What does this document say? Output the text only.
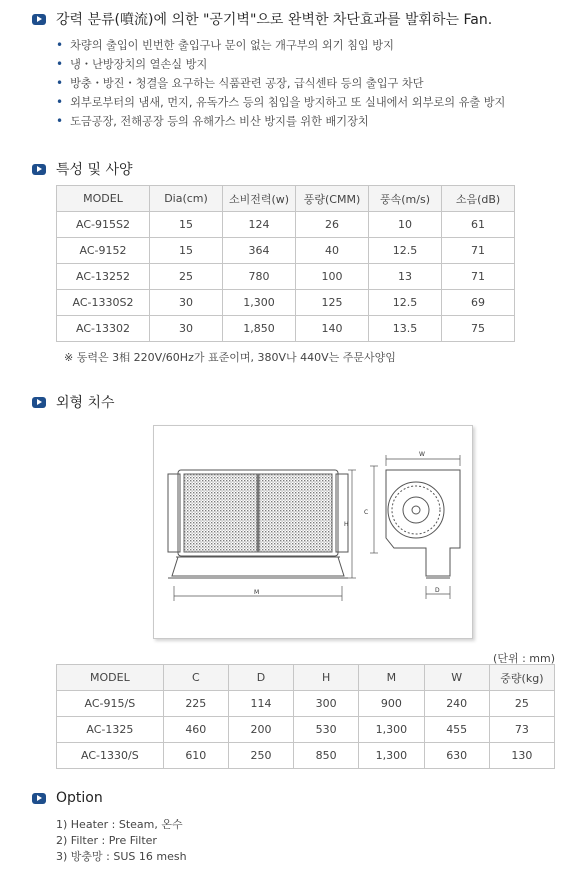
강력 분류(噴流)에 의한 "공기벽"으로 완벽한 차단효과를 발휘하는 Fan.
• 차량의 출입이 빈번한 출입구나 문이 없는 개구부의 외기 침입 방지
• 냉・난방장치의 열손실 방지
• 방충・방진・청결을 요구하는 식품관련 공장, 급식센타 등의 출입구 차단
• 외부로부터의 냄새, 먼지, 유독가스 등의 침입을 방지하고 또 실내에서 외부로의 유출 방지
• 도금공장, 전해공장 등의 유해가스 비산 방지를 위한 배기장치
특성 및 사양
MODEL	Dia(cm)	소비전력(w)	풍량(CMM)	풍속(m/s)	소음(dB)
AC-915S2	15	124	26	10	61
AC-9152	15	364	40	12.5	71
AC-13252	25	780	100	13	71
AC-1330S2	30	1,300	125	12.5	69
AC-13302	30	1,850	140	13.5	75
※ 동력은 3相 220V/60Hz가 표준이며, 380V나 440V는 주문사양임
외형 치수
M
H
C
W
D
(단위 : mm)
MODEL	C	D	H	M	W	중량(kg)
AC-915/S	225	114	300	900	240	25
AC-1325	460	200	530	1,300	455	73
AC-1330/S	610	250	850	1,300	630	130
Option
1) Heater : Steam, 온수
2) Filter : Pre Filter
3) 방충망 : SUS 16 mesh
